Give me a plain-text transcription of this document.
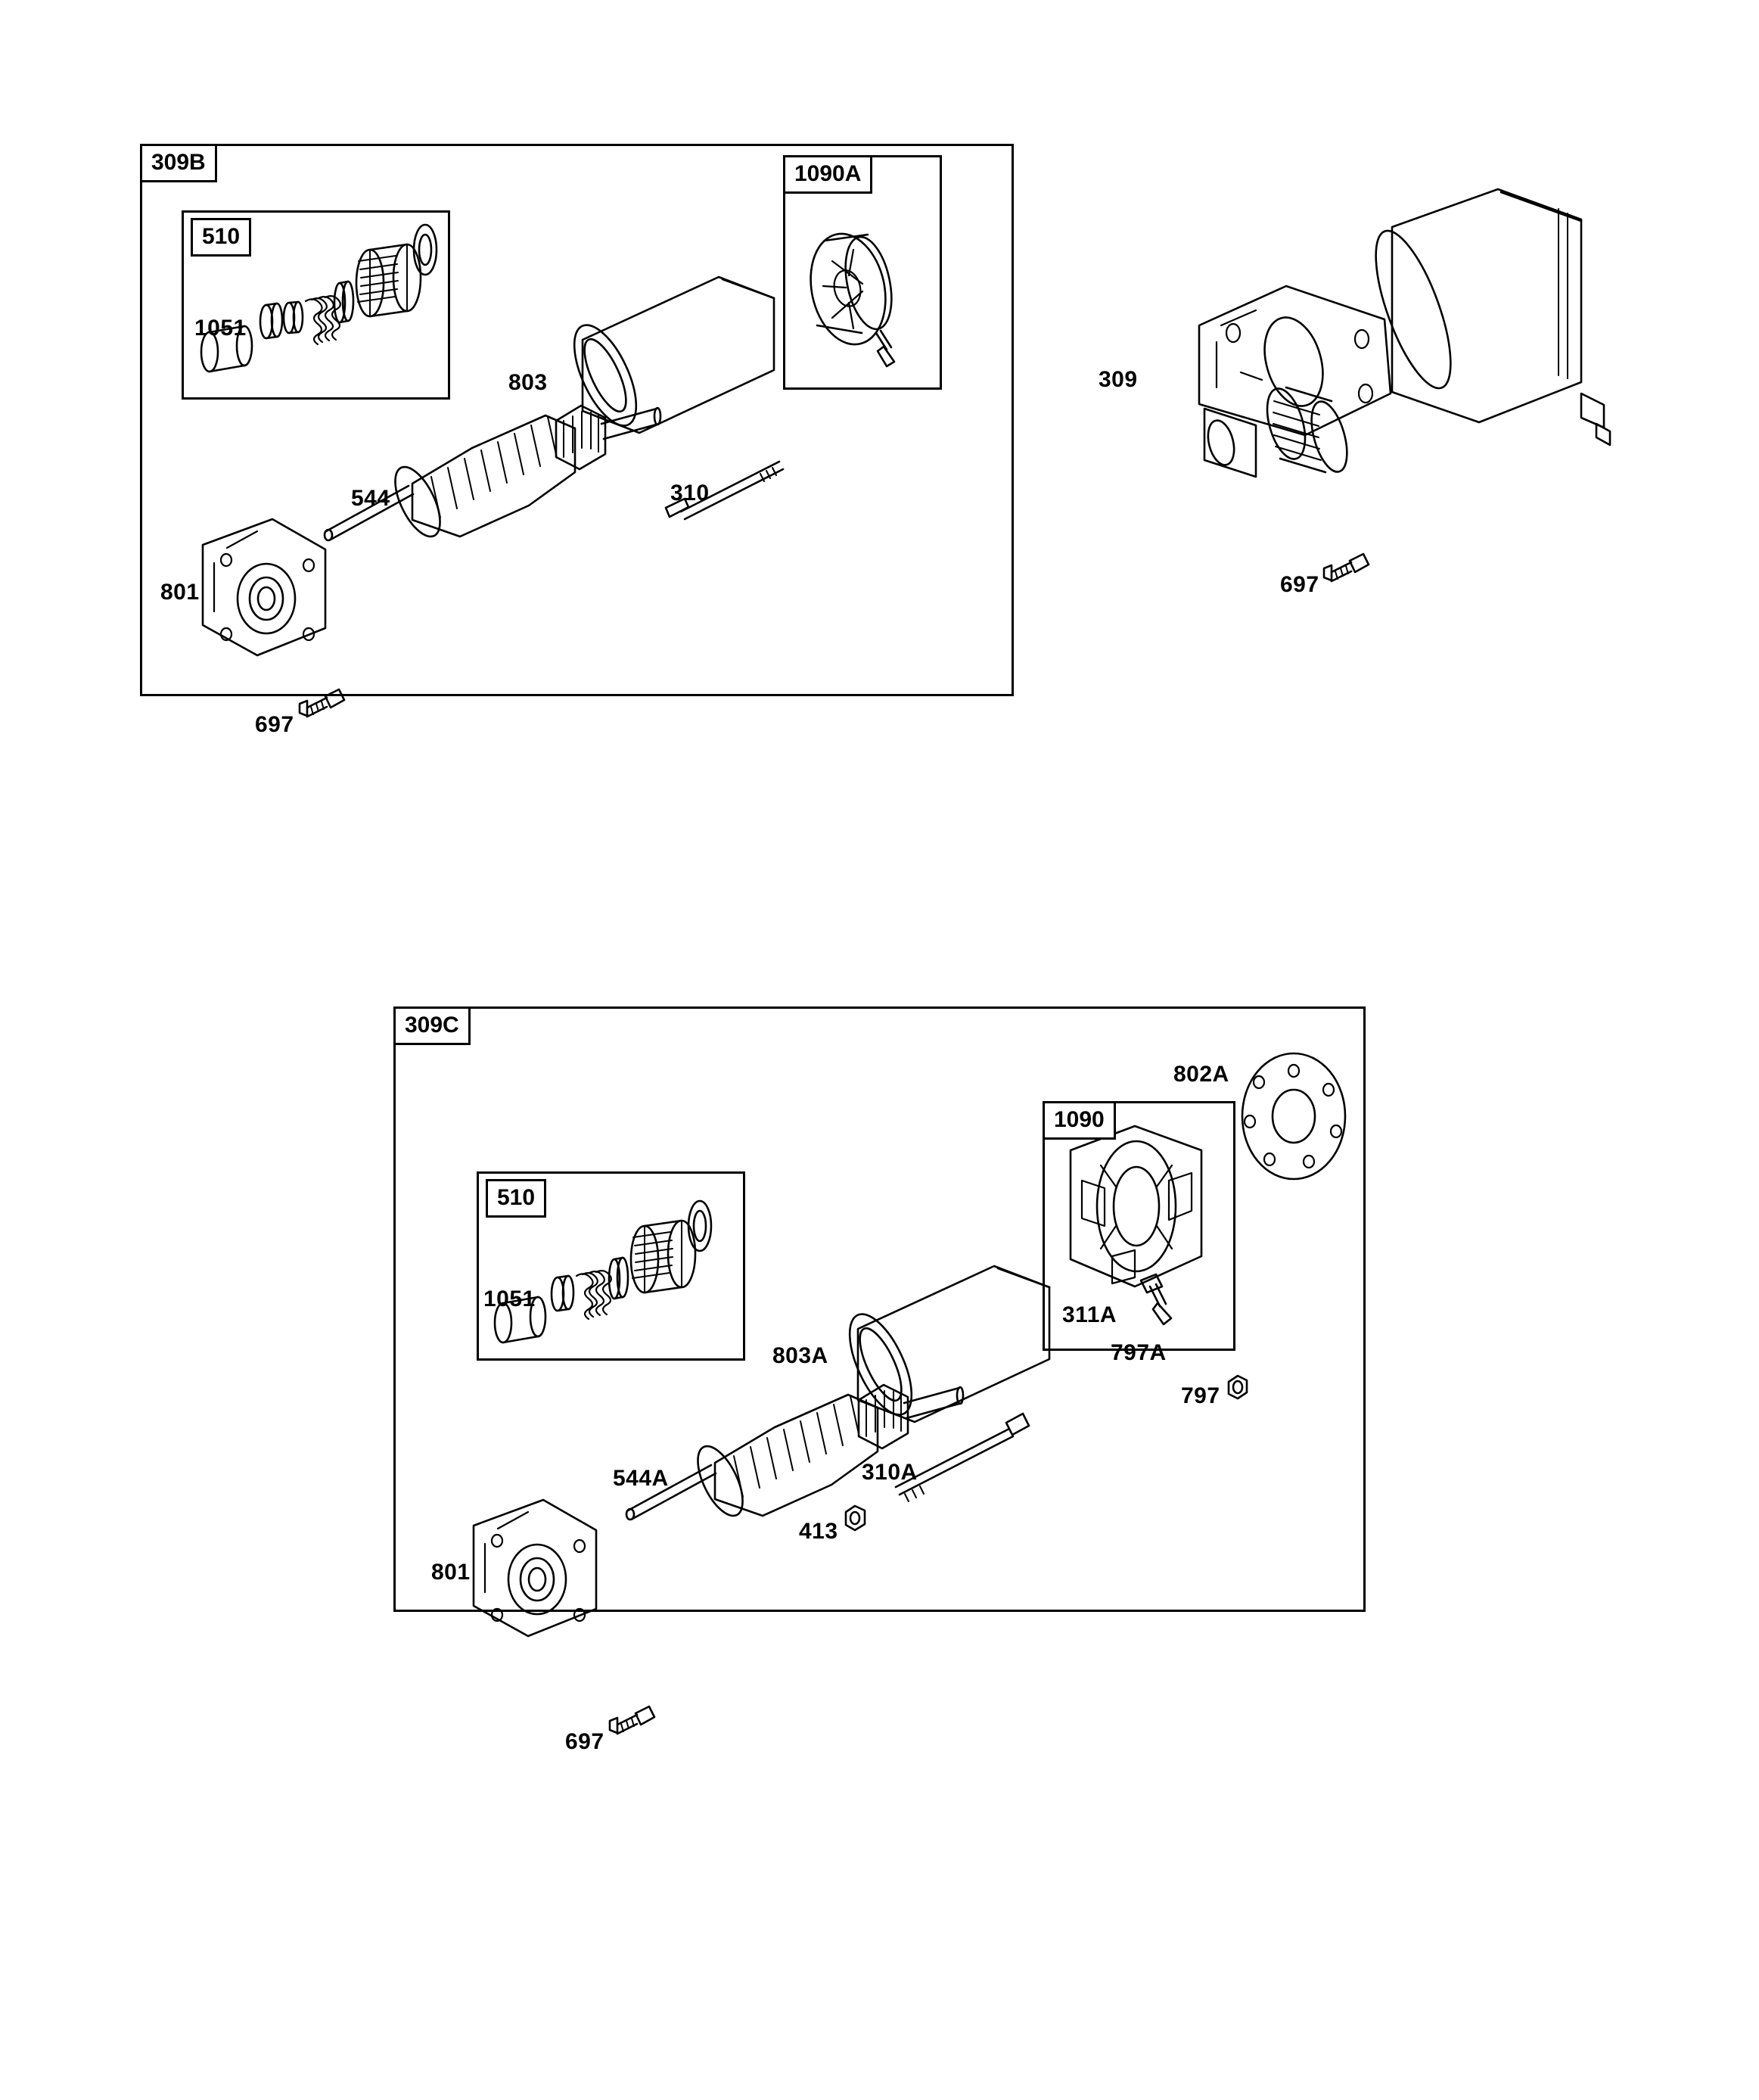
309B
309C
510
1090A
510
1090
1051
803
544	310
801
697
309
697
802A
1051
803A
311A
797A
797
544A	310A
413
801
697
